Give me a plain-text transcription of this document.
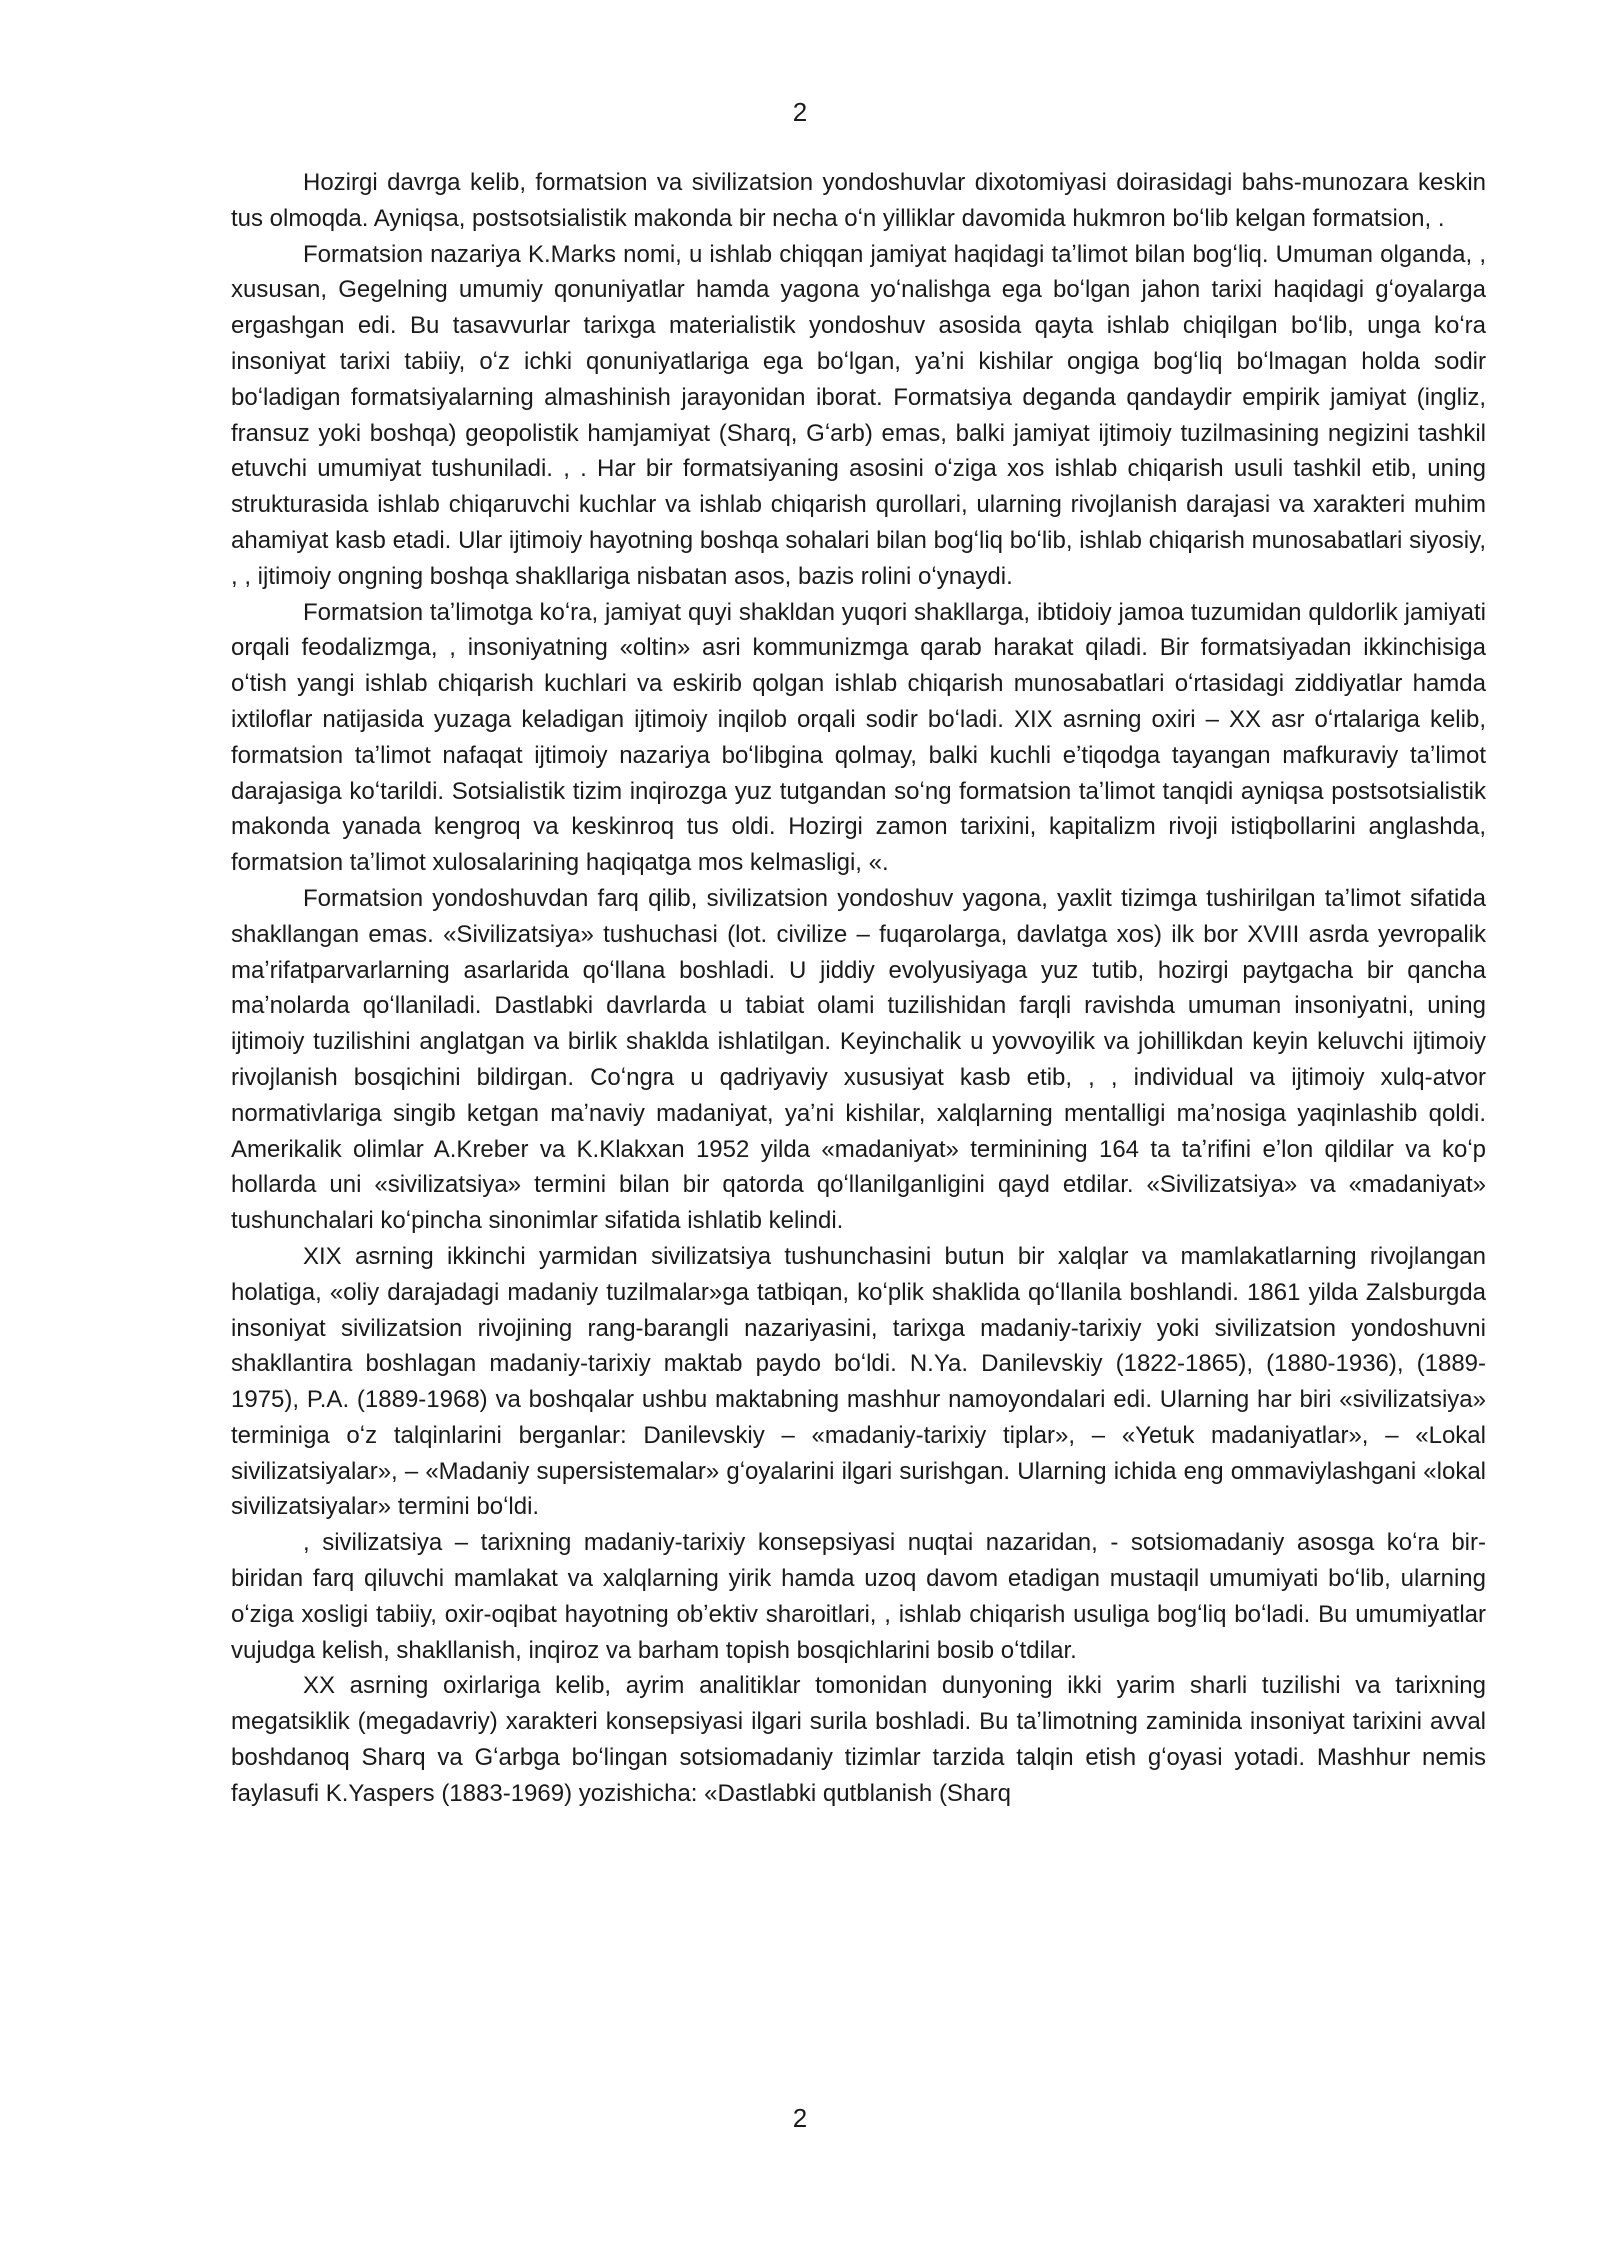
2

Hozirgi davrga kelib, formatsion va sivilizatsion yondoshuvlar dixotomiyasi doirasidagi bahs-munozara keskin tus olmoqda. Ayniqsa, postsotsialistik makonda bir necha oʻn yilliklar davomida hukmron boʻlib kelgan formatsion, .

Formatsion nazariya K.Marks nomi, u ishlab chiqqan jamiyat haqidagi taʼlimot bilan bogʻliq. Umuman olganda, , xususan, Gegelning umumiy qonuniyatlar hamda yagona yoʻnalishga ega boʻlgan jahon tarixi haqidagi gʻoyalarga ergashgan edi. Bu tasavvurlar tarixga materialistik yondoshuv asosida qayta ishlab chiqilgan boʻlib, unga koʻra insoniyat tarixi tabiiy, oʻz ichki qonuniyatlariga ega boʻlgan, yaʼni kishilar ongiga bogʻliq boʻlmagan holda sodir boʻladigan formatsiyalarning almashinish jarayonidan iborat. Formatsiya deganda qandaydir empirik jamiyat (ingliz, fransuz yoki boshqa) geopolistik hamjamiyat (Sharq, Gʻarb) emas, balki jamiyat ijtimoiy tuzilmasining negizini tashkil etuvchi umumiyat tushuniladi. , . Har bir formatsiyaning asosini oʻziga xos ishlab chiqarish usuli tashkil etib, uning strukturasida ishlab chiqaruvchi kuchlar va ishlab chiqarish qurollari, ularning rivojlanish darajasi va xarakteri muhim ahamiyat kasb etadi. Ular ijtimoiy hayotning boshqa sohalari bilan bogʻliq boʻlib, ishlab chiqarish munosabatlari siyosiy, , , ijtimoiy ongning boshqa shakllariga nisbatan asos, bazis rolini oʻynaydi.

Formatsion taʼlimotga koʻra, jamiyat quyi shakldan yuqori shakllarga, ibtidoiy jamoa tuzumidan quldorlik jamiyati orqali feodalizmga, , insoniyatning «oltin» asri kommunizmga qarab harakat qiladi. Bir formatsiyadan ikkinchisiga oʻtish yangi ishlab chiqarish kuchlari va eskirib qolgan ishlab chiqarish munosabatlari oʻrtasidagi ziddiyatlar hamda ixtiloflar natijasida yuzaga keladigan ijtimoiy inqilob orqali sodir boʻladi. XIX asrning oxiri – XX asr oʻrtalariga kelib, formatsion taʼlimot nafaqat ijtimoiy nazariya boʻlibgina qolmay, balki kuchli eʼtiqodga tayangan mafkuraviy taʼlimot darajasiga koʻtarildi. Sotsialistik tizim inqirozga yuz tutgandan soʻng formatsion taʼlimot tanqidi ayniqsa postsotsialistik makonda yanada kengroq va keskinroq tus oldi. Hozirgi zamon tarixini, kapitalizm rivoji istiqbollarini anglashda, formatsion taʼlimot xulosalarining haqiqatga mos kelmasligi, «.

Formatsion yondoshuvdan farq qilib, sivilizatsion yondoshuv yagona, yaxlit tizimga tushirilgan taʼlimot sifatida shakllangan emas. «Sivilizatsiya» tushuchasi (lot. civilize – fuqarolarga, davlatga xos) ilk bor XVIII asrda yevropalik maʼrifatparvarlarning asarlarida qoʻllana boshladi. U jiddiy evolyusiyaga yuz tutib, hozirgi paytgacha bir qancha maʼnolarda qoʻllaniladi. Dastlabki davrlarda u tabiat olami tuzilishidan farqli ravishda umuman insoniyatni, uning ijtimoiy tuzilishini anglatgan va birlik shaklda ishlatilgan. Keyinchalik u yovvoyilik va johillikdan keyin keluvchi ijtimoiy rivojlanish bosqichini bildirgan. Coʻngra u qadriyaviy xususiyat kasb etib, , , individual va ijtimoiy xulq-atvor normativlariga singib ketgan maʼnaviy madaniyat, yaʼni kishilar, xalqlarning mentalligi maʼnosiga yaqinlashib qoldi. Amerikalik olimlar A.Kreber va K.Klakxan 1952 yilda «madaniyat» terminining 164 ta taʼrifini eʼlon qildilar va koʻp hollarda uni «sivilizatsiya» termini bilan bir qatorda qoʻllanilganligini qayd etdilar. «Sivilizatsiya» va «madaniyat» tushunchalari koʻpincha sinonimlar sifatida ishlatib kelindi.

XIX asrning ikkinchi yarmidan sivilizatsiya tushunchasini butun bir xalqlar va mamlakatlarning rivojlangan holatiga, «oliy darajadagi madaniy tuzilmalar»ga tatbiqan, koʻplik shaklida qoʻllanila boshlandi. 1861 yilda Zalsburgda insoniyat sivilizatsion rivojining rang-barangli nazariyasini, tarixga madaniy-tarixiy yoki sivilizatsion yondoshuvni shakllantira boshlagan madaniy-tarixiy maktab paydo boʻldi. N.Ya. Danilevskiy (1822-1865), (1880-1936), (1889-1975), P.A. (1889-1968) va boshqalar ushbu maktabning mashhur namoyondalari edi. Ularning har biri «sivilizatsiya» terminiga oʻz talqinlarini berganlar: Danilevskiy – «madaniy-tarixiy tiplar», – «Yetuk madaniyatlar», – «Lokal sivilizatsiyalar», – «Madaniy supersistemalar» gʻoyalarini ilgari surishgan. Ularning ichida eng ommaviylashgani «lokal sivilizatsiyalar» termini boʻldi.

, sivilizatsiya – tarixning madaniy-tarixiy konsepsiyasi nuqtai nazaridan, - sotsiomadaniy asosga koʻra bir-biridan farq qiluvchi mamlakat va xalqlarning yirik hamda uzoq davom etadigan mustaqil umumiyati boʻlib, ularning oʻziga xosligi tabiiy, oxir-oqibat hayotning obʼektiv sharoitlari, , ishlab chiqarish usuliga bogʻliq boʻladi. Bu umumiyatlar vujudga kelish, shakllanish, inqiroz va barham topish bosqichlarini bosib oʻtdilar.

XX asrning oxirlariga kelib, ayrim analitiklar tomonidan dunyoning ikki yarim sharli tuzilishi va tarixning megatsiklik (megadavriy) xarakteri konsepsiyasi ilgari surila boshladi. Bu taʼlimotning zaminida insoniyat tarixini avval boshdanoq Sharq va Gʻarbga boʻlingan sotsiomadaniy tizimlar tarzida talqin etish gʻoyasi yotadi. Mashhur nemis faylasufi K.Yaspers (1883-1969) yozishicha: «Dastlabki qutblanish (Sharq

2
